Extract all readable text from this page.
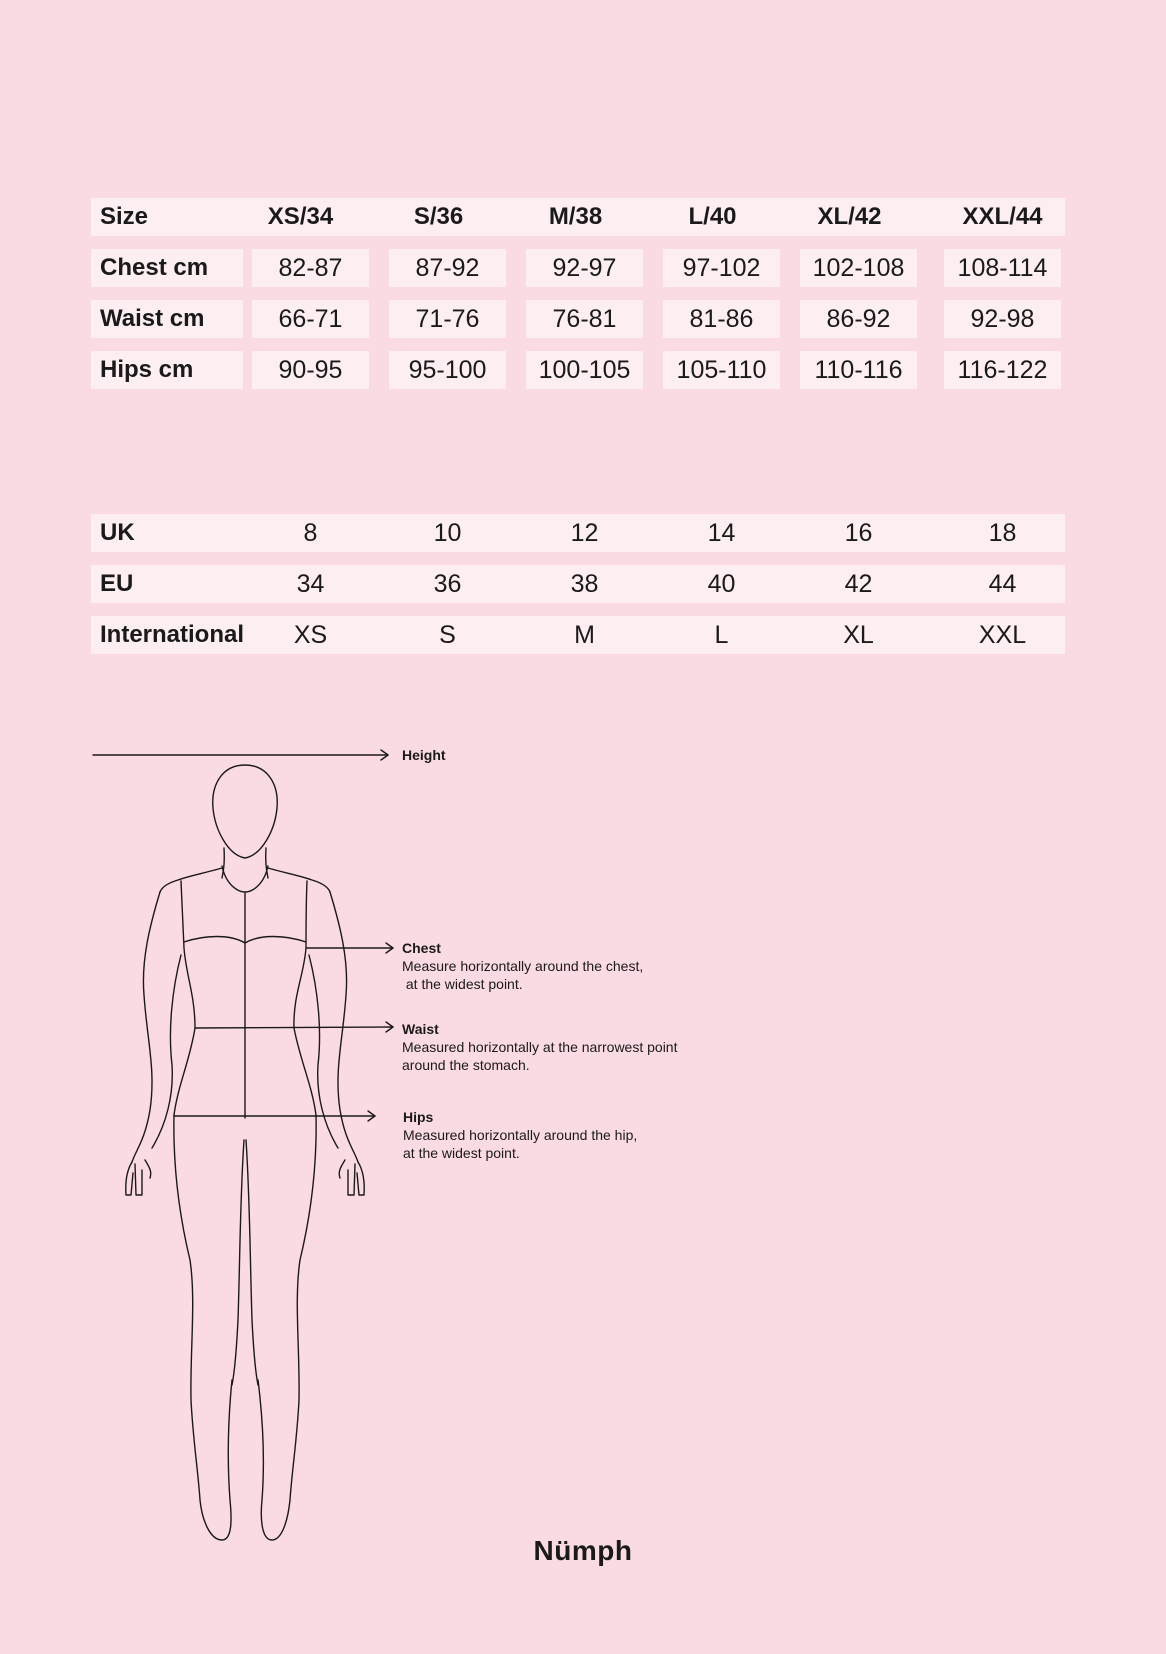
Size	XS/34	S/36	M/38	L/40	XL/42	XXL/44
Chest cm	82-87	87-92	92-97	97-102	102-108	108-114
Waist cm	66-71	71-76	76-81	81-86	86-92	92-98
Hips cm	90-95	95-100	100-105	105-110	110-116	116-122
UK	8	10	12	14	16	18
EU	34	36	38	40	42	44
International	XS	S	M	L	XL	XXL
Height
Chest
Measure horizontally around the chest,
at the widest point.
Waist
Measured horizontally at the narrowest point
around the stomach.
Hips
Measured horizontally around the hip,
at the widest point.
Nümph
